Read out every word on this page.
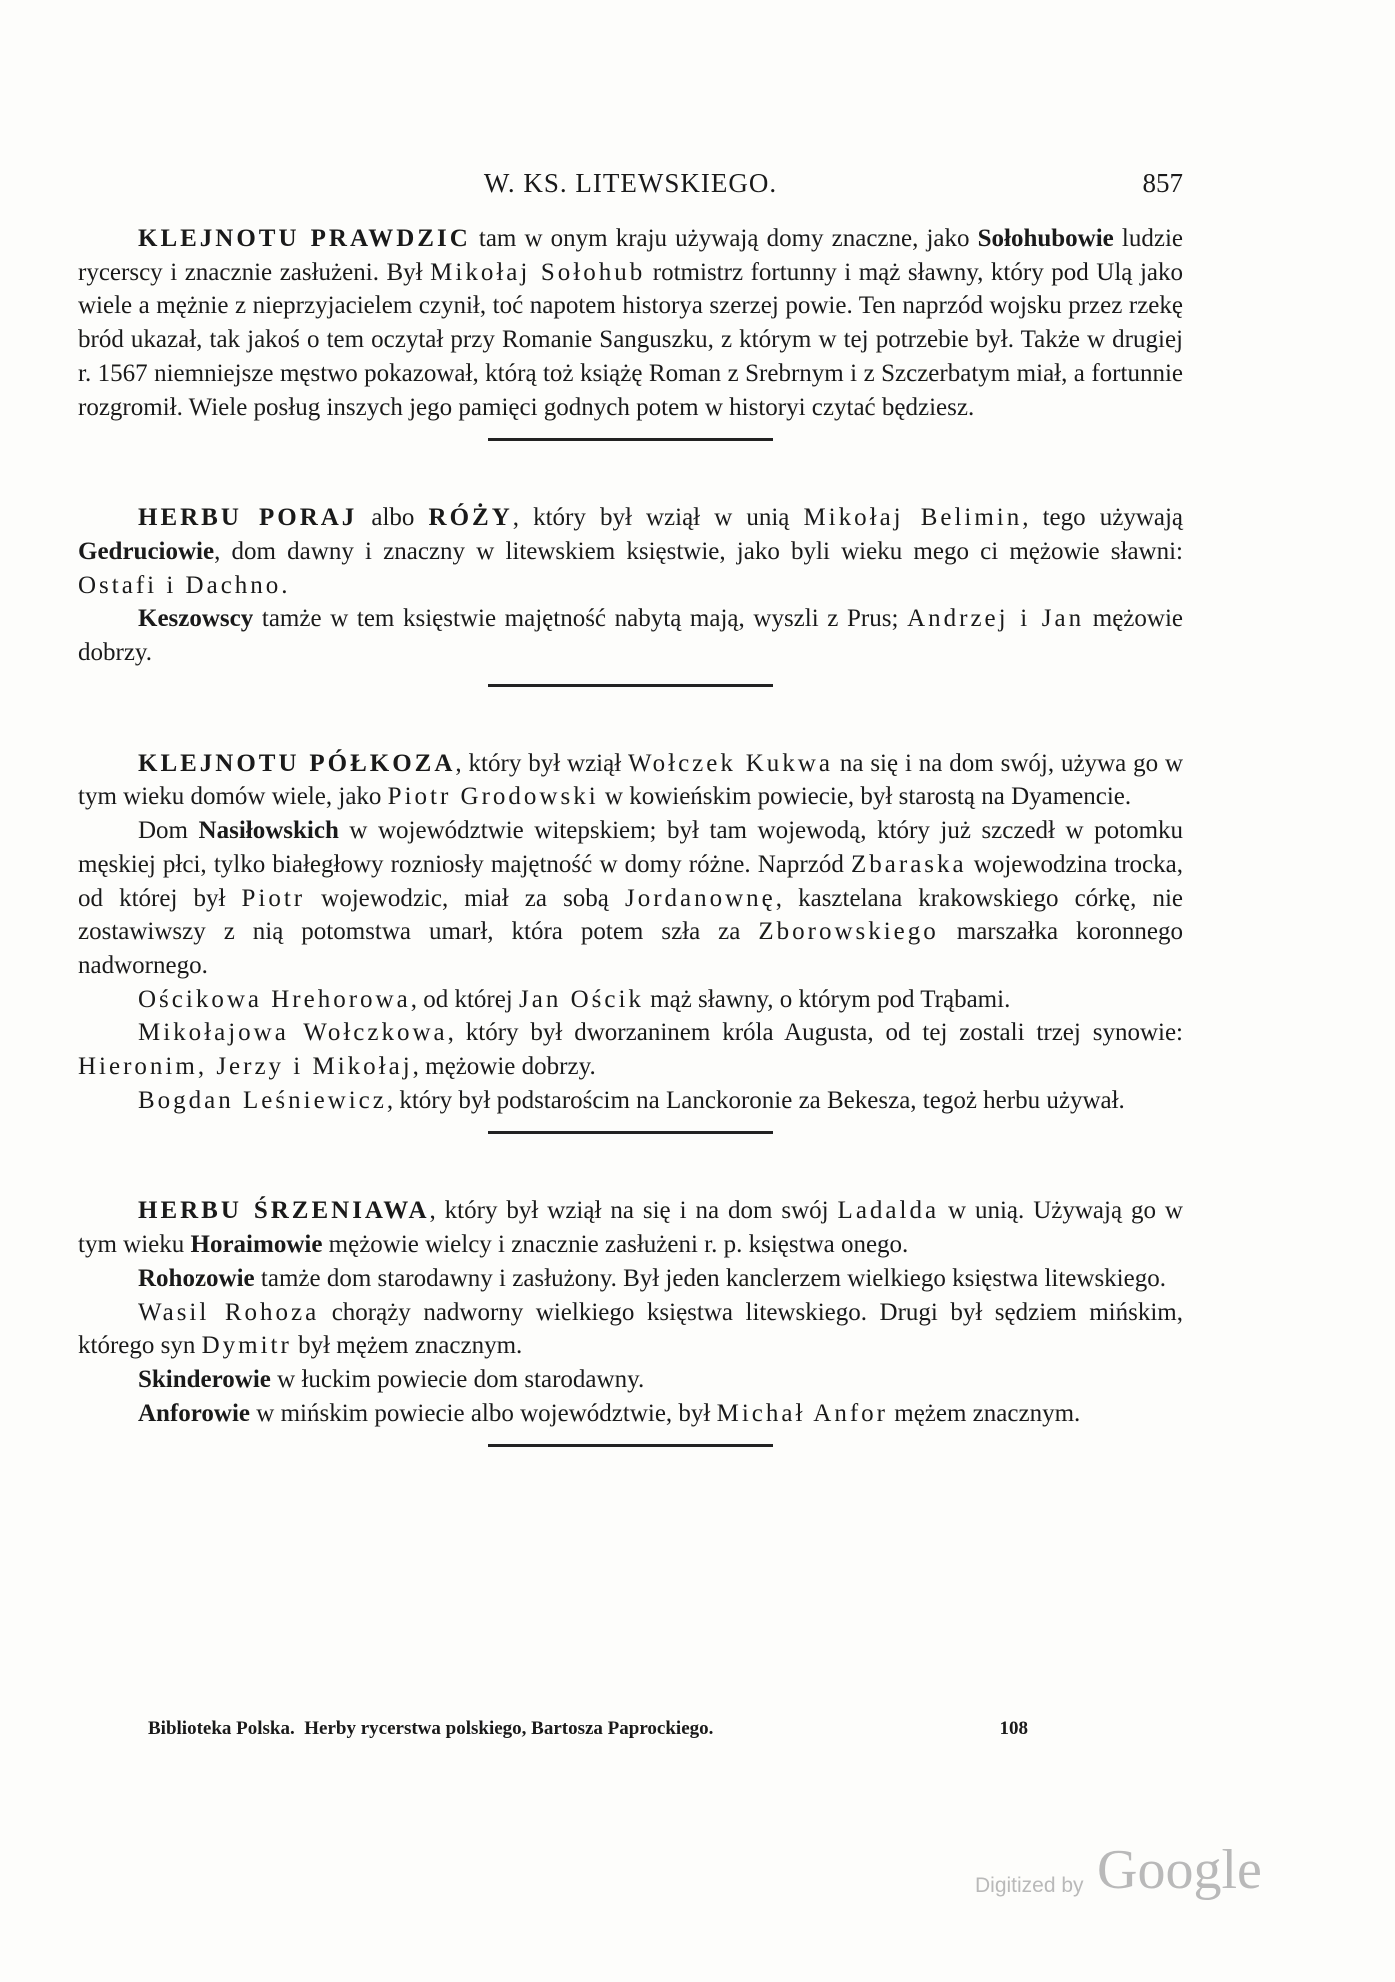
W. KS. LITEWSKIEGO.	857

KLEJNOTU PRAWDZIC tam w onym kraju używają domy znaczne, jako Sołohubowie ludzie rycerscy i znacznie zasłużeni. Był Mikołaj Sołohub rotmistrz fortunny i mąż sławny, który pod Ulą jako wiele a mężnie z nieprzyjacielem czynił, toć napotem historya szerzej powie. Ten naprzód wojsku przez rzekę bród ukazał, tak jakoś o tem oczytał przy Romanie Sanguszku, z którym w tej potrzebie był. Także w drugiej r. 1567 niemniejsze męstwo pokazował, którą toż książę Roman z Srebrnym i z Szczerbatym miał, a fortunnie rozgromił. Wiele posług inszych jego pamięci godnych potem w historyi czytać będziesz.

HERBU PORAJ albo RÓŻY, który był wziął w unią Mikołaj Belimin, tego używają Gedruciowie, dom dawny i znaczny w litewskiem księstwie, jako byli wieku mego ci mężowie sławni: Ostafi i Dachno.

Keszowscy tamże w tem księstwie majętność nabytą mają, wyszli z Prus; Andrzej i Jan mężowie dobrzy.

KLEJNOTU PÓŁKOZA, który był wziął Wołczek Kukwa na się i na dom swój, używa go w tym wieku domów wiele, jako Piotr Grodowski w kowieńskim powiecie, był starostą na Dyamencie.

Dom Nasiłowskich w województwie witepskiem; był tam wojewodą, który już szczedł w potomku męskiej płci, tylko białegłowy rozniosły majętność w domy różne. Naprzód Zbaraska wojewodzina trocka, od której był Piotr wojewodzic, miał za sobą Jordanownę, kasztelana krakowskiego córkę, nie zostawiwszy z nią potomstwa umarł, która potem szła za Zborowskiego marszałka koronnego nadwornego.

Ościkowa Hrehorowa, od której Jan Ościk mąż sławny, o którym pod Trąbami.

Mikołajowa Wołczkowa, który był dworzaninem króla Augusta, od tej zostali trzej synowie: Hieronim, Jerzy i Mikołaj, mężowie dobrzy.

Bogdan Leśniewicz, który był podstarościm na Lanckoronie za Bekesza, tegoż herbu używał.

HERBU ŚRZENIAWA, który był wziął na się i na dom swój Ladalda w unią. Używają go w tym wieku Horaimowie mężowie wielcy i znacznie zasłużeni r. p. księstwa onego.

Rohozowie tamże dom starodawny i zasłużony. Był jeden kanclerzem wielkiego księstwa litewskiego.

Wasil Rohoza chorąży nadworny wielkiego księstwa litewskiego. Drugi był sędziem mińskim, którego syn Dymitr był mężem znacznym.

Skinderowie w łuckim powiecie dom starodawny.

Anforowie w mińskim powiecie albo województwie, był Michał Anfor mężem znacznym.

Biblioteka Polska. Herby rycerstwa polskiego, Bartosza Paprockiego.	108
Digitized by Google
